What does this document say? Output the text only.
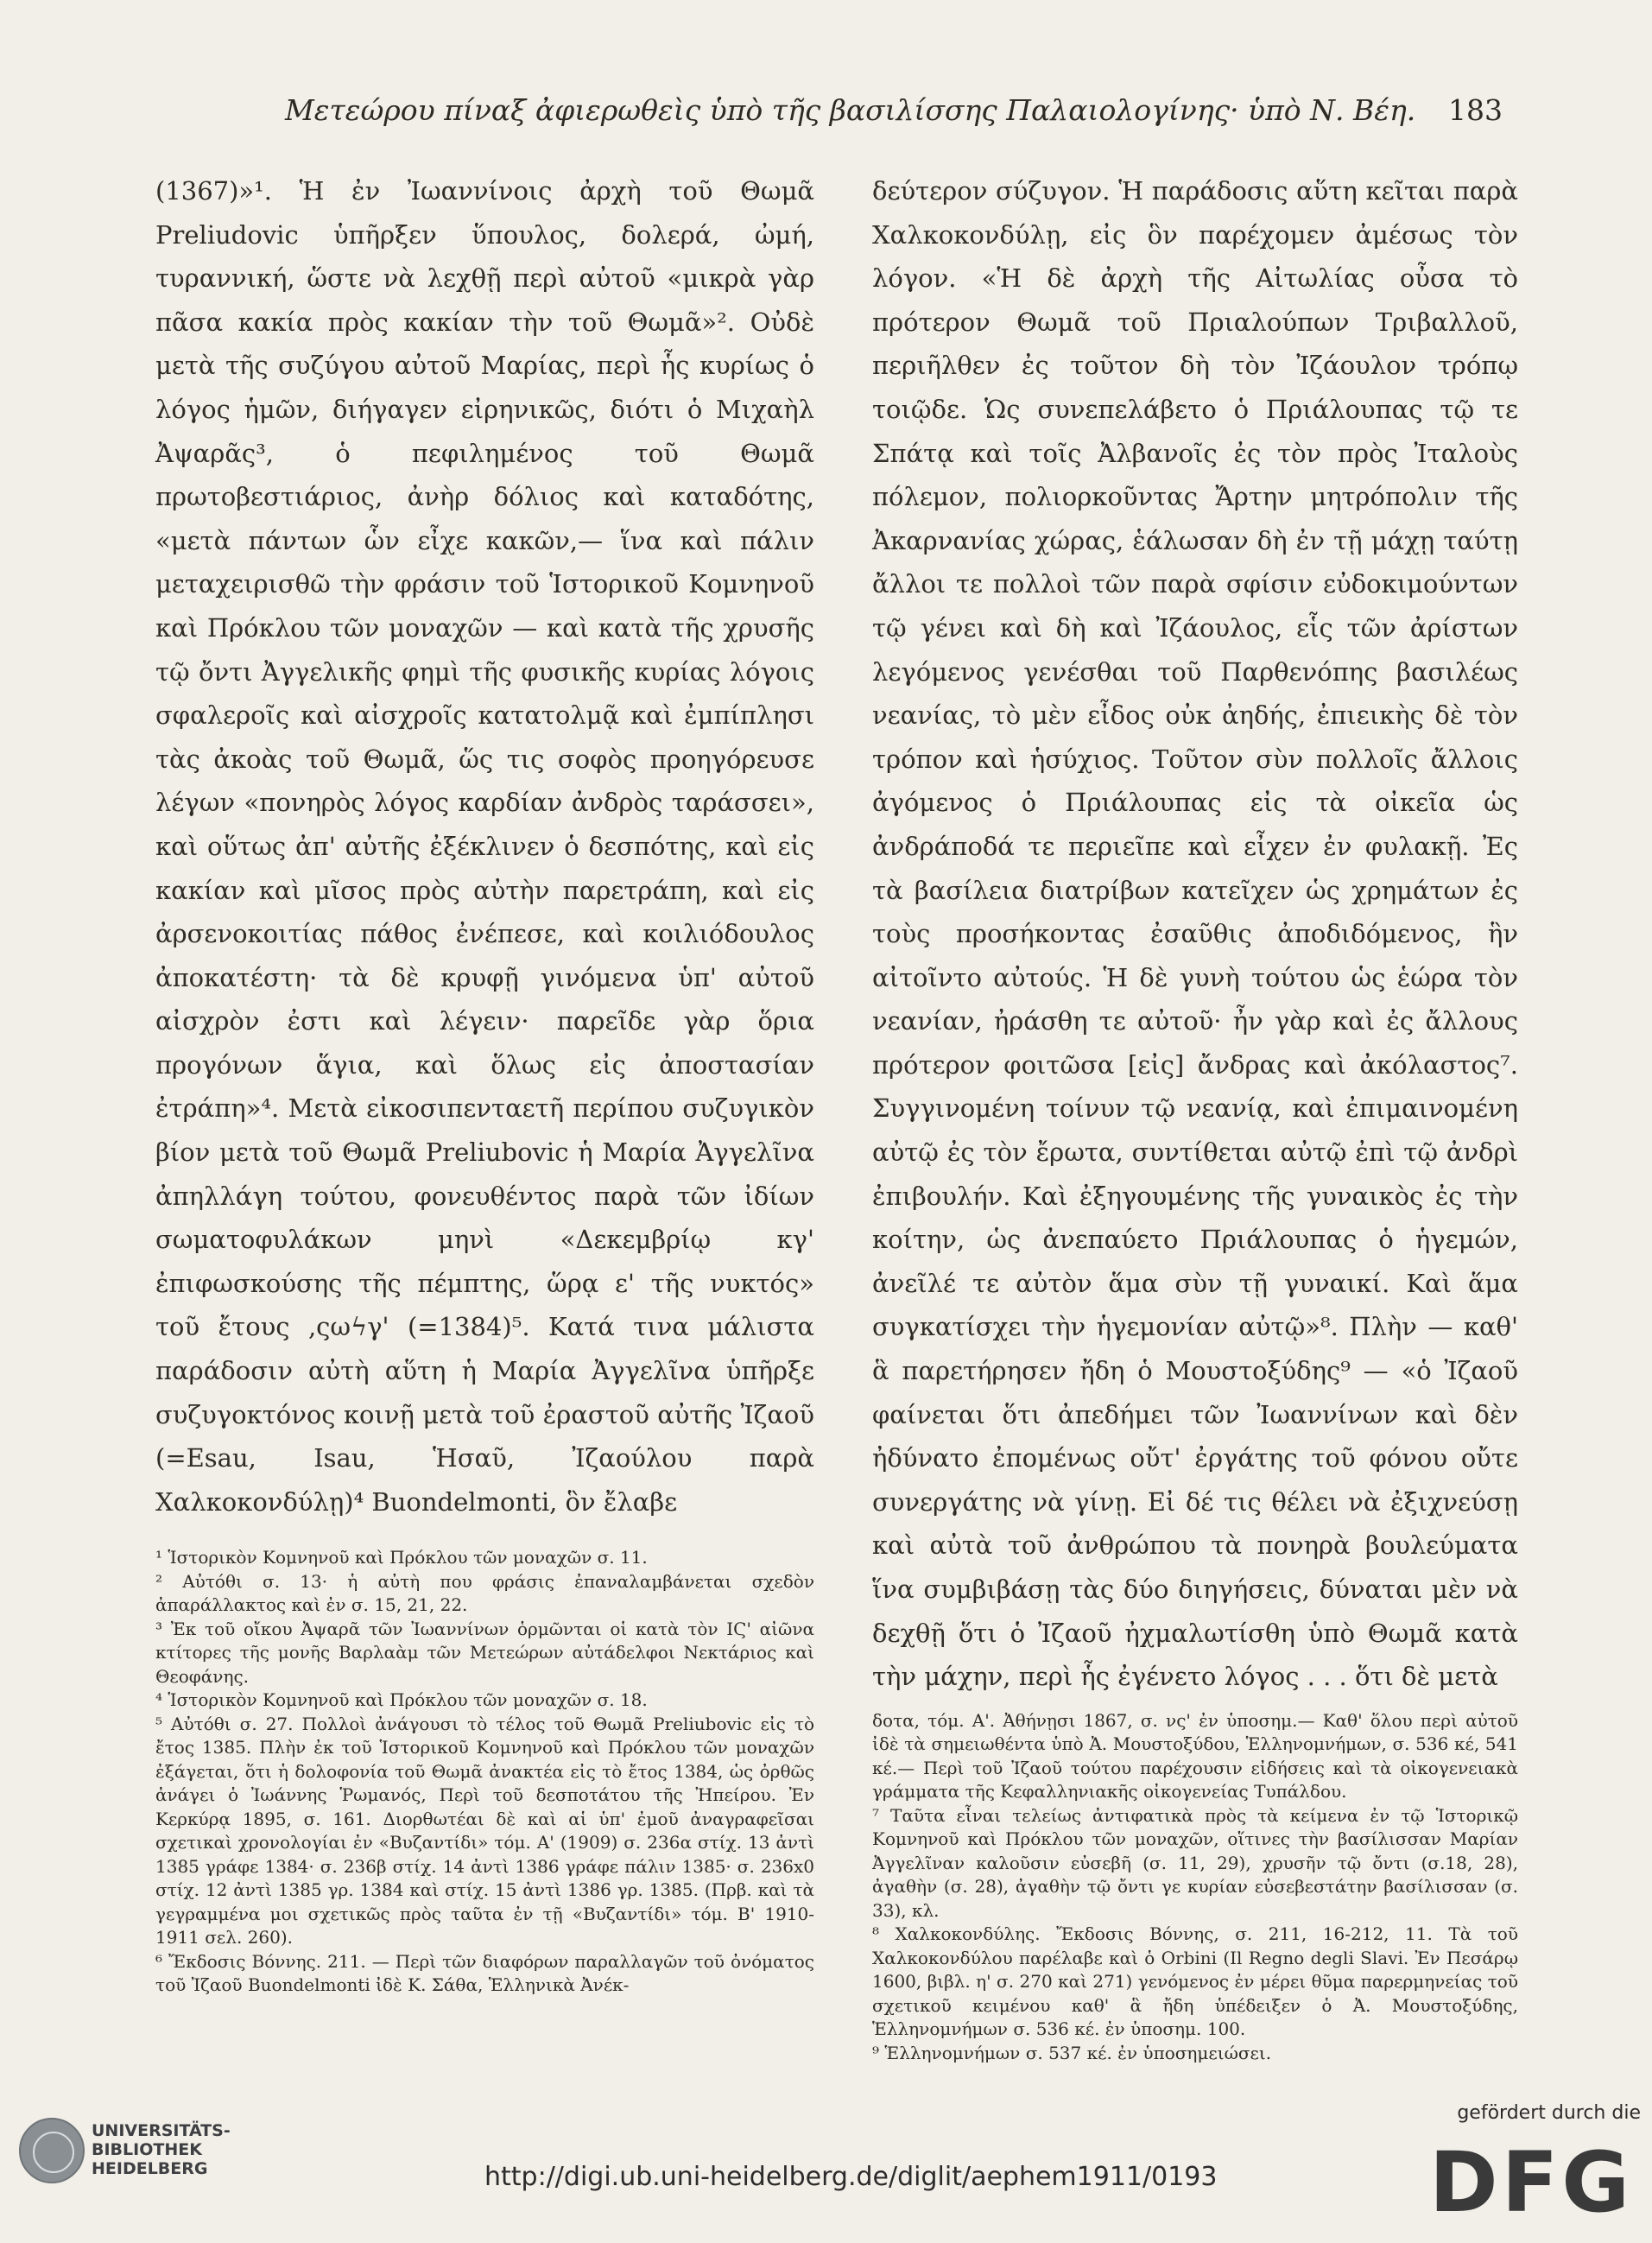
Μετεώρου πίναξ ἀφιερωθεὶς ὑπὸ τῆς βασιλίσσης Παλαιολογίνης· ὑπὸ Ν. Βέη. 183

(1367)»¹. Ἡ ἐν Ἰωαννίνοις ἀρχὴ τοῦ Θωμᾶ Preliudovic ὑπῆρξεν ὕπουλος, δολερά, ὠμή, τυραννική, ὥστε νὰ λεχθῇ περὶ αὐτοῦ «μικρὰ γὰρ πᾶσα κακία πρὸς κακίαν τὴν τοῦ Θωμᾶ»². Οὐδὲ μετὰ τῆς συζύγου αὐτοῦ Μαρίας, περὶ ἧς κυρίως ὁ λόγος ἡμῶν, διήγαγεν εἰρηνικῶς, διότι ὁ Μιχαὴλ Ἀψαρᾶς³, ὁ πεφιλημένος τοῦ Θωμᾶ πρωτοβεστιάριος, ἀνὴρ δόλιος καὶ καταδότης, «μετὰ πάντων ὧν εἶχε κακῶν,— ἵνα καὶ πάλιν μεταχειρισθῶ τὴν φράσιν τοῦ Ἱστορικοῦ Κομνηνοῦ καὶ Πρόκλου τῶν μοναχῶν — καὶ κατὰ τῆς χρυσῆς τῷ ὄντι Ἀγγελικῆς φημὶ τῆς φυσικῆς κυρίας λόγοις σφαλεροῖς καὶ αἰσχροῖς κατατολμᾷ καὶ ἐμπίπλησι τὰς ἀκοὰς τοῦ Θωμᾶ, ὥς τις σοφὸς προηγόρευσε λέγων «πονηρὸς λόγος καρδίαν ἀνδρὸς ταράσσει», καὶ οὕτως ἀπ' αὐτῆς ἐξέκλινεν ὁ δεσπότης, καὶ εἰς κακίαν καὶ μῖσος πρὸς αὐτὴν παρετράπη, καὶ εἰς ἀρσενοκοιτίας πάθος ἐνέπεσε, καὶ κοιλιόδουλος ἀποκατέστη· τὰ δὲ κρυφῇ γινόμενα ὑπ' αὐτοῦ αἰσχρὸν ἐστι καὶ λέγειν· παρεῖδε γὰρ ὅρια προγόνων ἅγια, καὶ ὅλως εἰς ἀποστασίαν ἐτράπη»⁴. Μετὰ εἰκοσιπενταετῆ περίπου συζυγικὸν βίον μετὰ τοῦ Θωμᾶ Preliubovic ἡ Μαρία Ἀγγελῖνα ἀπηλλάγη τούτου, φονευθέντος παρὰ τῶν ἰδίων σωματοφυλάκων μηνὶ «Δεκεμβρίῳ κγ' ἐπιφωσκούσης τῆς πέμπτης, ὥρᾳ ε' τῆς νυκτός» τοῦ ἔτους ,ςωϟγ' (=1384)⁵. Κατά τινα μάλιστα παράδοσιν αὐτὴ αὕτη ἡ Μαρία Ἀγγελῖνα ὑπῆρξε συζυγοκτόνος κοινῇ μετὰ τοῦ ἐραστοῦ αὐτῆς Ἰζαοῦ (=Esau, Isau, Ἡσαῦ, Ἰζαούλου παρὰ Χαλκοκονδύλῃ)⁴ Buondelmonti, ὃν ἔλαβε

¹ Ἱστορικὸν Κομνηνοῦ καὶ Πρόκλου τῶν μοναχῶν σ. 11.
² Αὐτόθι σ. 13· ἡ αὐτὴ που φράσις ἐπαναλαμβάνεται σχεδὸν ἀπαράλλακτος καὶ ἐν σ. 15, 21, 22.
³ Ἐκ τοῦ οἴκου Ἀψαρᾶ τῶν Ἰωαννίνων ὁρμῶνται οἱ κατὰ τὸν ΙϚ' αἰῶνα κτίτορες τῆς μονῆς Βαρλαὰμ τῶν Μετεώρων αὐτάδελφοι Νεκτάριος καὶ Θεοφάνης.
⁴ Ἱστορικὸν Κομνηνοῦ καὶ Πρόκλου τῶν μοναχῶν σ. 18.
⁵ Αὐτόθι σ. 27. Πολλοὶ ἀνάγουσι τὸ τέλος τοῦ Θωμᾶ Preliubovic εἰς τὸ ἔτος 1385. Πλὴν ἐκ τοῦ Ἱστορικοῦ Κομνηνοῦ καὶ Πρόκλου τῶν μοναχῶν ἐξάγεται, ὅτι ἡ δολοφονία τοῦ Θωμᾶ ἀνακτέα εἰς τὸ ἔτος 1384, ὡς ὀρθῶς ἀνάγει ὁ Ἰωάννης Ῥωμανός, Περὶ τοῦ δεσποτάτου τῆς Ἠπείρου. Ἐν Κερκύρᾳ 1895, σ. 161. Διορθωτέαι δὲ καὶ αἱ ὑπ' ἐμοῦ ἀναγραφεῖσαι σχετικαὶ χρονολογίαι ἐν «Βυζαντίδι» τόμ. Α' (1909) σ. 236α στίχ. 13 ἀντὶ 1385 γράφε 1384· σ. 236β στίχ. 14 ἀντὶ 1386 γράφε πάλιν 1385· σ. 236x0 στίχ. 12 ἀντὶ 1385 γρ. 1384 καὶ στίχ. 15 ἀντὶ 1386 γρ. 1385. (Πρβ. καὶ τὰ γεγραμμένα μοι σχετικῶς πρὸς ταῦτα ἐν τῇ «Βυζαντίδι» τόμ. Β' 1910-1911 σελ. 260).
⁶ Ἔκδοσις Βόννης. 211. — Περὶ τῶν διαφόρων παραλλαγῶν τοῦ ὀνόματος τοῦ Ἰζαοῦ Buondelmonti ἰδὲ Κ. Σάθα, Ἑλληνικὰ Ἀνέκ-

δεύτερον σύζυγον. Ἡ παράδοσις αὕτη κεῖται παρὰ Χαλκοκονδύλῃ, εἰς ὃν παρέχομεν ἀμέσως τὸν λόγον. «Ἡ δὲ ἀρχὴ τῆς Αἰτωλίας οὖσα τὸ πρότερον Θωμᾶ τοῦ Πριαλούπων Τριβαλλοῦ, περιῆλθεν ἐς τοῦτον δὴ τὸν Ἰζάουλον τρόπῳ τοιῷδε. Ὡς συνεπελάβετο ὁ Πριάλουπας τῷ τε Σπάτᾳ καὶ τοῖς Ἀλβανοῖς ἐς τὸν πρὸς Ἰταλοὺς πόλεμον, πολιορκοῦντας Ἄρτην μητρόπολιν τῆς Ἀκαρνανίας χώρας, ἑάλωσαν δὴ ἐν τῇ μάχῃ ταύτῃ ἄλλοι τε πολλοὶ τῶν παρὰ σφίσιν εὐδοκιμούντων τῷ γένει καὶ δὴ καὶ Ἰζάουλος, εἷς τῶν ἀρίστων λεγόμενος γενέσθαι τοῦ Παρθενόπης βασιλέως νεανίας, τὸ μὲν εἶδος οὐκ ἀηδής, ἐπιεικὴς δὲ τὸν τρόπον καὶ ἡσύχιος. Τοῦτον σὺν πολλοῖς ἄλλοις ἀγόμενος ὁ Πριάλουπας εἰς τὰ οἰκεῖα ὡς ἀνδράποδά τε περιεῖπε καὶ εἶχεν ἐν φυλακῇ. Ἐς τὰ βασίλεια διατρίβων κατεῖχεν ὡς χρημάτων ἐς τοὺς προσήκοντας ἐσαῦθις ἀποδιδόμενος, ἣν αἰτοῖντο αὐτούς. Ἡ δὲ γυνὴ τούτου ὡς ἑώρα τὸν νεανίαν, ἠράσθη τε αὐτοῦ· ἦν γὰρ καὶ ἐς ἄλλους πρότερον φοιτῶσα [εἰς] ἄνδρας καὶ ἀκόλαστος⁷. Συγγινομένη τοίνυν τῷ νεανίᾳ, καὶ ἐπιμαινομένη αὐτῷ ἐς τὸν ἔρωτα, συντίθεται αὐτῷ ἐπὶ τῷ ἀνδρὶ ἐπιβουλήν. Καὶ ἐξηγουμένης τῆς γυναικὸς ἐς τὴν κοίτην, ὡς ἀνεπαύετο Πριάλουπας ὁ ἡγεμών, ἀνεῖλέ τε αὐτὸν ἅμα σὺν τῇ γυναικί. Καὶ ἅμα συγκατίσχει τὴν ἡγεμονίαν αὐτῷ»⁸. Πλὴν — καθ' ἃ παρετήρησεν ἤδη ὁ Μουστοξύδης⁹ — «ὁ Ἰζαοῦ φαίνεται ὅτι ἀπεδήμει τῶν Ἰωαννίνων καὶ δὲν ἠδύνατο ἐπομένως οὔτ' ἐργάτης τοῦ φόνου οὔτε συνεργάτης νὰ γίνῃ. Εἰ δέ τις θέλει νὰ ἐξιχνεύσῃ καὶ αὐτὰ τοῦ ἀνθρώπου τὰ πονηρὰ βουλεύματα ἵνα συμβιβάσῃ τὰς δύο διηγήσεις, δύναται μὲν νὰ δεχθῇ ὅτι ὁ Ἰζαοῦ ἠχμαλωτίσθη ὑπὸ Θωμᾶ κατὰ τὴν μάχην, περὶ ἧς ἐγένετο λόγος . . . ὅτι δὲ μετὰ

δοτα, τόμ. Α'. Ἀθήνῃσι 1867, σ. νς' ἐν ὑποσημ.— Καθ' ὅλου περὶ αὐτοῦ ἰδὲ τὰ σημειωθέντα ὑπὸ Ἀ. Μουστοξύδου, Ἑλληνομνήμων, σ. 536 κέ, 541 κέ.— Περὶ τοῦ Ἰζαοῦ τούτου παρέχουσιν εἰδήσεις καὶ τὰ οἰκογενειακὰ γράμματα τῆς Κεφαλληνιακῆς οἰκογενείας Τυπάλδου.
⁷ Ταῦτα εἶναι τελείως ἀντιφατικὰ πρὸς τὰ κείμενα ἐν τῷ Ἱστορικῷ Κομνηνοῦ καὶ Πρόκλου τῶν μοναχῶν, οἵτινες τὴν βασίλισσαν Μαρίαν Ἀγγελῖναν καλοῦσιν εὐσεβῆ (σ. 11, 29), χρυσῆν τῷ ὄντι (σ.18, 28), ἀγαθὴν (σ. 28), ἀγαθὴν τῷ ὄντι γε κυρίαν εὐσεβεστάτην βασίλισσαν (σ. 33), κλ.
⁸ Χαλκοκονδύλης. Ἔκδοσις Βόννης, σ. 211, 16-212, 11. Τὰ τοῦ Χαλκοκονδύλου παρέλαβε καὶ ὁ Orbini (Il Regno degli Slavi. Ἐν Πεσάρῳ 1600, βιβλ. η' σ. 270 καὶ 271) γενόμενος ἐν μέρει θῦμα παρερμηνείας τοῦ σχετικοῦ κειμένου καθ' ἃ ἤδη ὑπέδειξεν ὁ Ἀ. Μουστοξύδης, Ἑλληνομνήμων σ. 536 κέ. ἐν ὑποσημ. 100.
⁹ Ἑλληνομνήμων σ. 537 κέ. ἐν ὑποσημειώσει.
UNIVERSITÄTS-
BIBLIOTHEK
HEIDELBERG	http://digi.ub.uni-heidelberg.de/diglit/aephem1911/0193
gefördert durch die
DFG
